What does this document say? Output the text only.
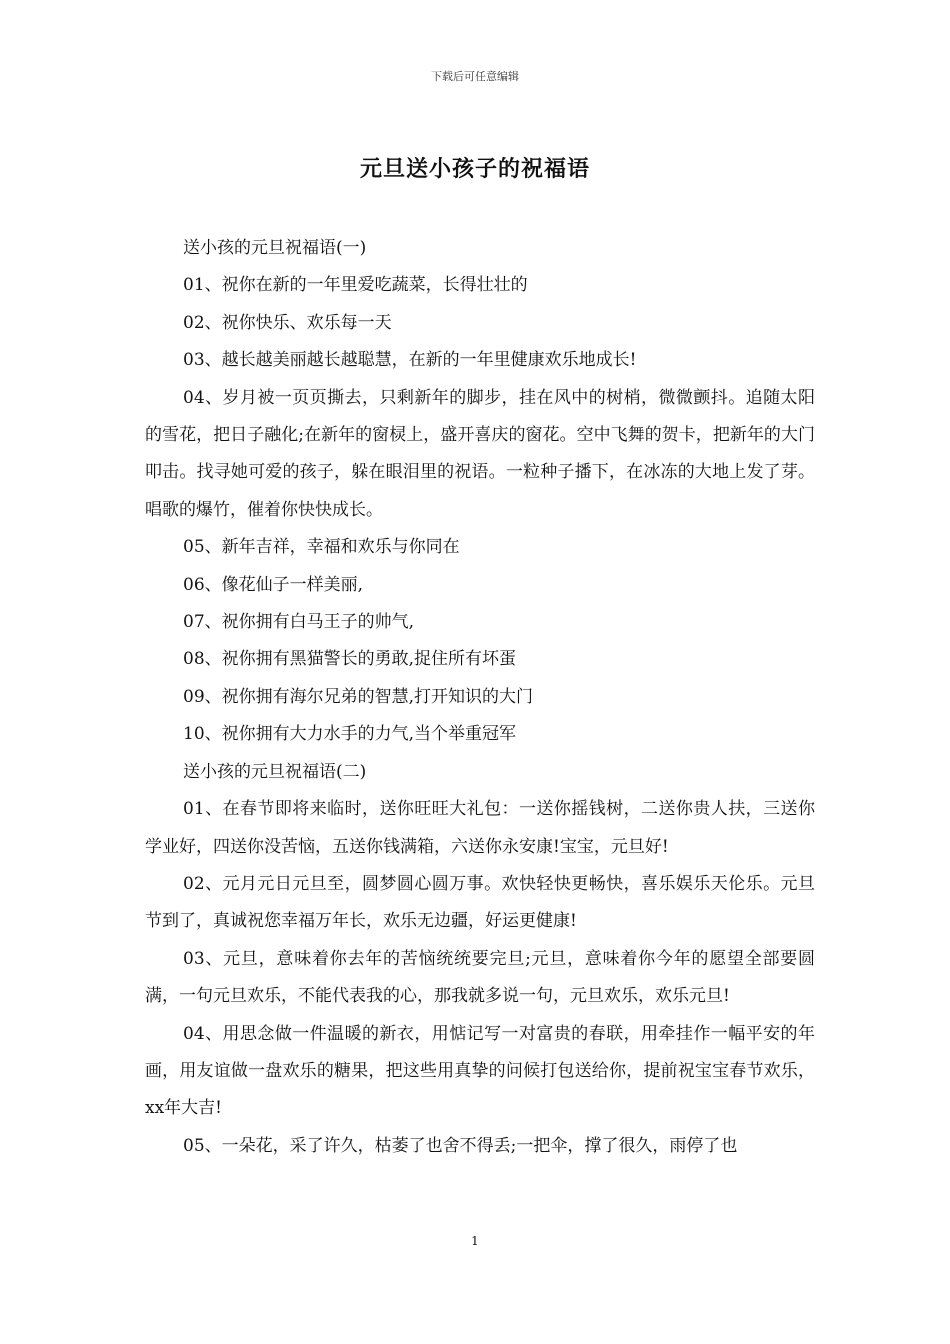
下载后可任意编辑
元旦送小孩子的祝福语

送小孩的元旦祝福语(一)

01、祝你在新的一年里爱吃蔬菜，长得壮壮的

02、祝你快乐、欢乐每一天

03、越长越美丽越长越聪慧，在新的一年里健康欢乐地成长!

04、岁月被一页页撕去，只剩新年的脚步，挂在风中的树梢，微微颤抖。追随太阳的雪花，把日子融化;在新年的窗棂上，盛开喜庆的窗花。空中飞舞的贺卡，把新年的大门叩击。找寻她可爱的孩子，躲在眼泪里的祝语。一粒种子播下，在冰冻的大地上发了芽。唱歌的爆竹，催着你快快成长。

05、新年吉祥，幸福和欢乐与你同在

06、像花仙子一样美丽,

07、祝你拥有白马王子的帅气,

08、祝你拥有黑猫警长的勇敢,捉住所有坏蛋

09、祝你拥有海尔兄弟的智慧,打开知识的大门

10、祝你拥有大力水手的力气,当个举重冠军

送小孩的元旦祝福语(二)

01、在春节即将来临时，送你旺旺大礼包：一送你摇钱树，二送你贵人扶，三送你学业好，四送你没苦恼，五送你钱满箱，六送你永安康!宝宝，元旦好!

02、元月元日元旦至，圆梦圆心圆万事。欢快轻快更畅快，喜乐娱乐天伦乐。元旦节到了，真诚祝您幸福万年长，欢乐无边疆，好运更健康!

03、元旦，意味着你去年的苦恼统统要完旦;元旦，意味着你今年的愿望全部要圆满，一句元旦欢乐，不能代表我的心，那我就多说一句，元旦欢乐，欢乐元旦!

04、用思念做一件温暖的新衣，用惦记写一对富贵的春联，用牵挂作一幅平安的年画，用友谊做一盘欢乐的糖果，把这些用真挚的问候打包送给你，提前祝宝宝春节欢乐，xx年大吉!

05、一朵花，采了许久，枯萎了也舍不得丢;一把伞，撑了很久，雨停了也

1
